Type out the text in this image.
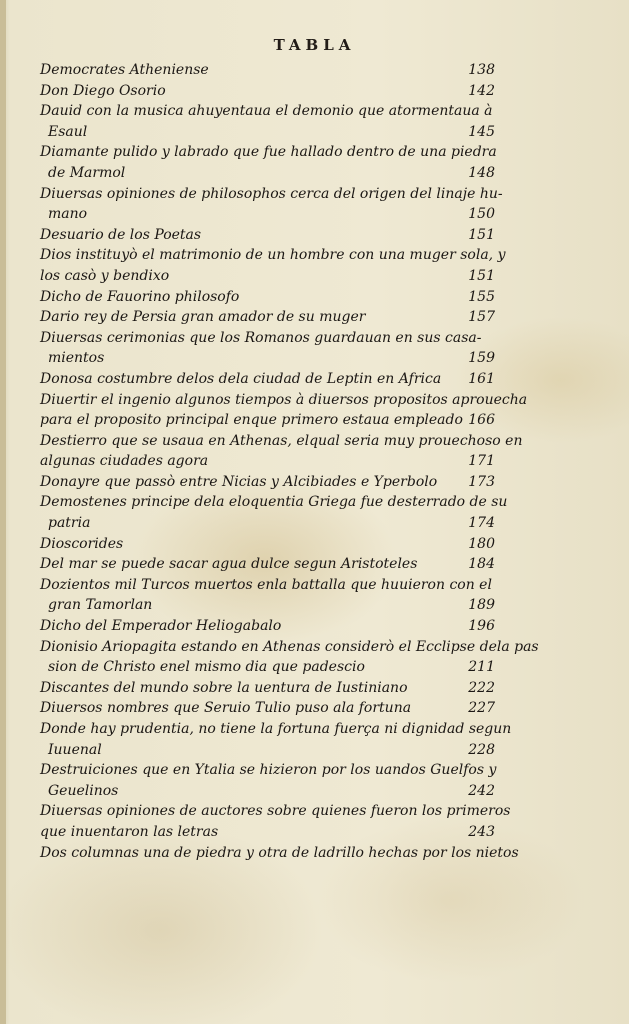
TABLA
Democrates Atheniense	138
Don Diego Osorio	142
Dauid con la musica ahuyentaua el demonio que atormentaua à
Esaul	145
Diamante pulido y labrado que fue hallado dentro de una piedra
de Marmol	148
Diuersas opiniones de philosophos cerca del origen del linaje hu-
mano	150
Desuario de los Poetas	151
Dios instituyò el matrimonio de un hombre con una muger sola, y
los casò y bendixo	151
Dicho de Fauorino philosofo	155
Dario rey de Persia gran amador de su muger	157
Diuersas cerimonias que los Romanos guardauan en sus casa-
mientos	159
Donosa costumbre delos dela ciudad de Leptin en Africa 161
Diuertir el ingenio algunos tiempos à diuersos propositos aprouecha
para el proposito principal enque primero estaua empleado 166
Destierro que se usaua en Athenas, elqual seria muy prouechoso en
algunas ciudades agora	171
Donayre que passò entre Nicias y Alcibiades e Yperbolo 173
Demostenes principe dela eloquentia Griega fue desterrado de su
patria	174
Dioscorides	180
Del mar se puede sacar agua dulce segun Aristoteles	184
Dozientos mil Turcos muertos enla battalla que huuieron con el
gran Tamorlan	189
Dicho del Emperador Heliogabalo	196
Dionisio Ariopagita estando en Athenas considerò el Ecclipse dela pas
sion de Christo enel mismo dia que padescio	211
Discantes del mundo sobre la uentura de Iustiniano	222
Diuersos nombres que Seruio Tulio puso ala fortuna	227
Donde hay prudentia, no tiene la fortuna fuerça ni dignidad segun
Iuuenal	228
Destruiciones que en Ytalia se hizieron por los uandos Guelfos y
Geuelinos	242
Diuersas opiniones de auctores sobre quienes fueron los primeros
que inuentaron las letras	243
Dos columnas una de piedra y otra de ladrillo hechas por los nietos
